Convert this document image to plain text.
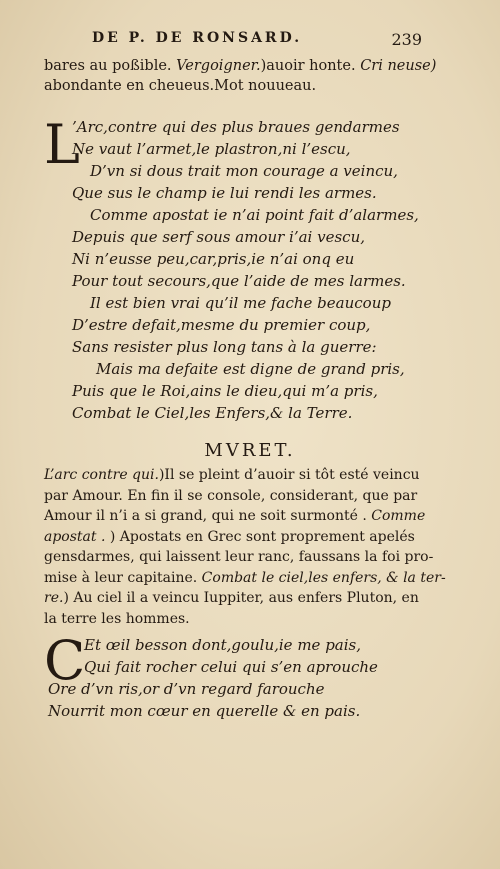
DE P. DE RONSARD.	239
bares au poßible. Vergoigner.)auoir honte. Cri neuse)
abondante en cheueus.Mot nouueau.
L
’Arc,contre qui des plus braues gendarmes
Ne vaut l’armet,le plastron,ni l’escu,
D’vn si dous trait mon courage a veincu,
Que sus le champ ie lui rendi les armes.
Comme apostat ie n’ai point fait d’alarmes,
Depuis que serf sous amour i’ai vescu,
Ni n’eusse peu,car,pris,ie n’ai onq eu
Pour tout secours,que l’aide de mes larmes.
Il est bien vrai qu’il me fache beaucoup
D’estre defait,mesme du premier coup,
Sans resister plus long tans à la guerre:
Mais ma defaite est digne de grand pris,
Puis que le Roi,ains le dieu,qui m’a pris,
Combat le Ciel,les Enfers,& la Terre.
MVRET.
L’arc contre qui.)Il se pleint d’auoir si tôt esté veincu
par Amour. En fin il se console, considerant, que par
Amour il n’i a si grand, qui ne soit surmonté . Comme
apostat . ) Apostats en Grec sont proprement apelés
gensdarmes, qui laissent leur ranc, faussans la foi pro-
mise à leur capitaine. Combat le ciel,les enfers, & la ter-
re.) Au ciel il a veincu Iuppiter, aus enfers Pluton, en
la terre les hommes.
C
Et œil besson dont,goulu,ie me pais,
Qui fait rocher celui qui s’en aprouche
Ore d’vn ris,or d’vn regard farouche
Nourrit mon cœur en querelle & en pais.
